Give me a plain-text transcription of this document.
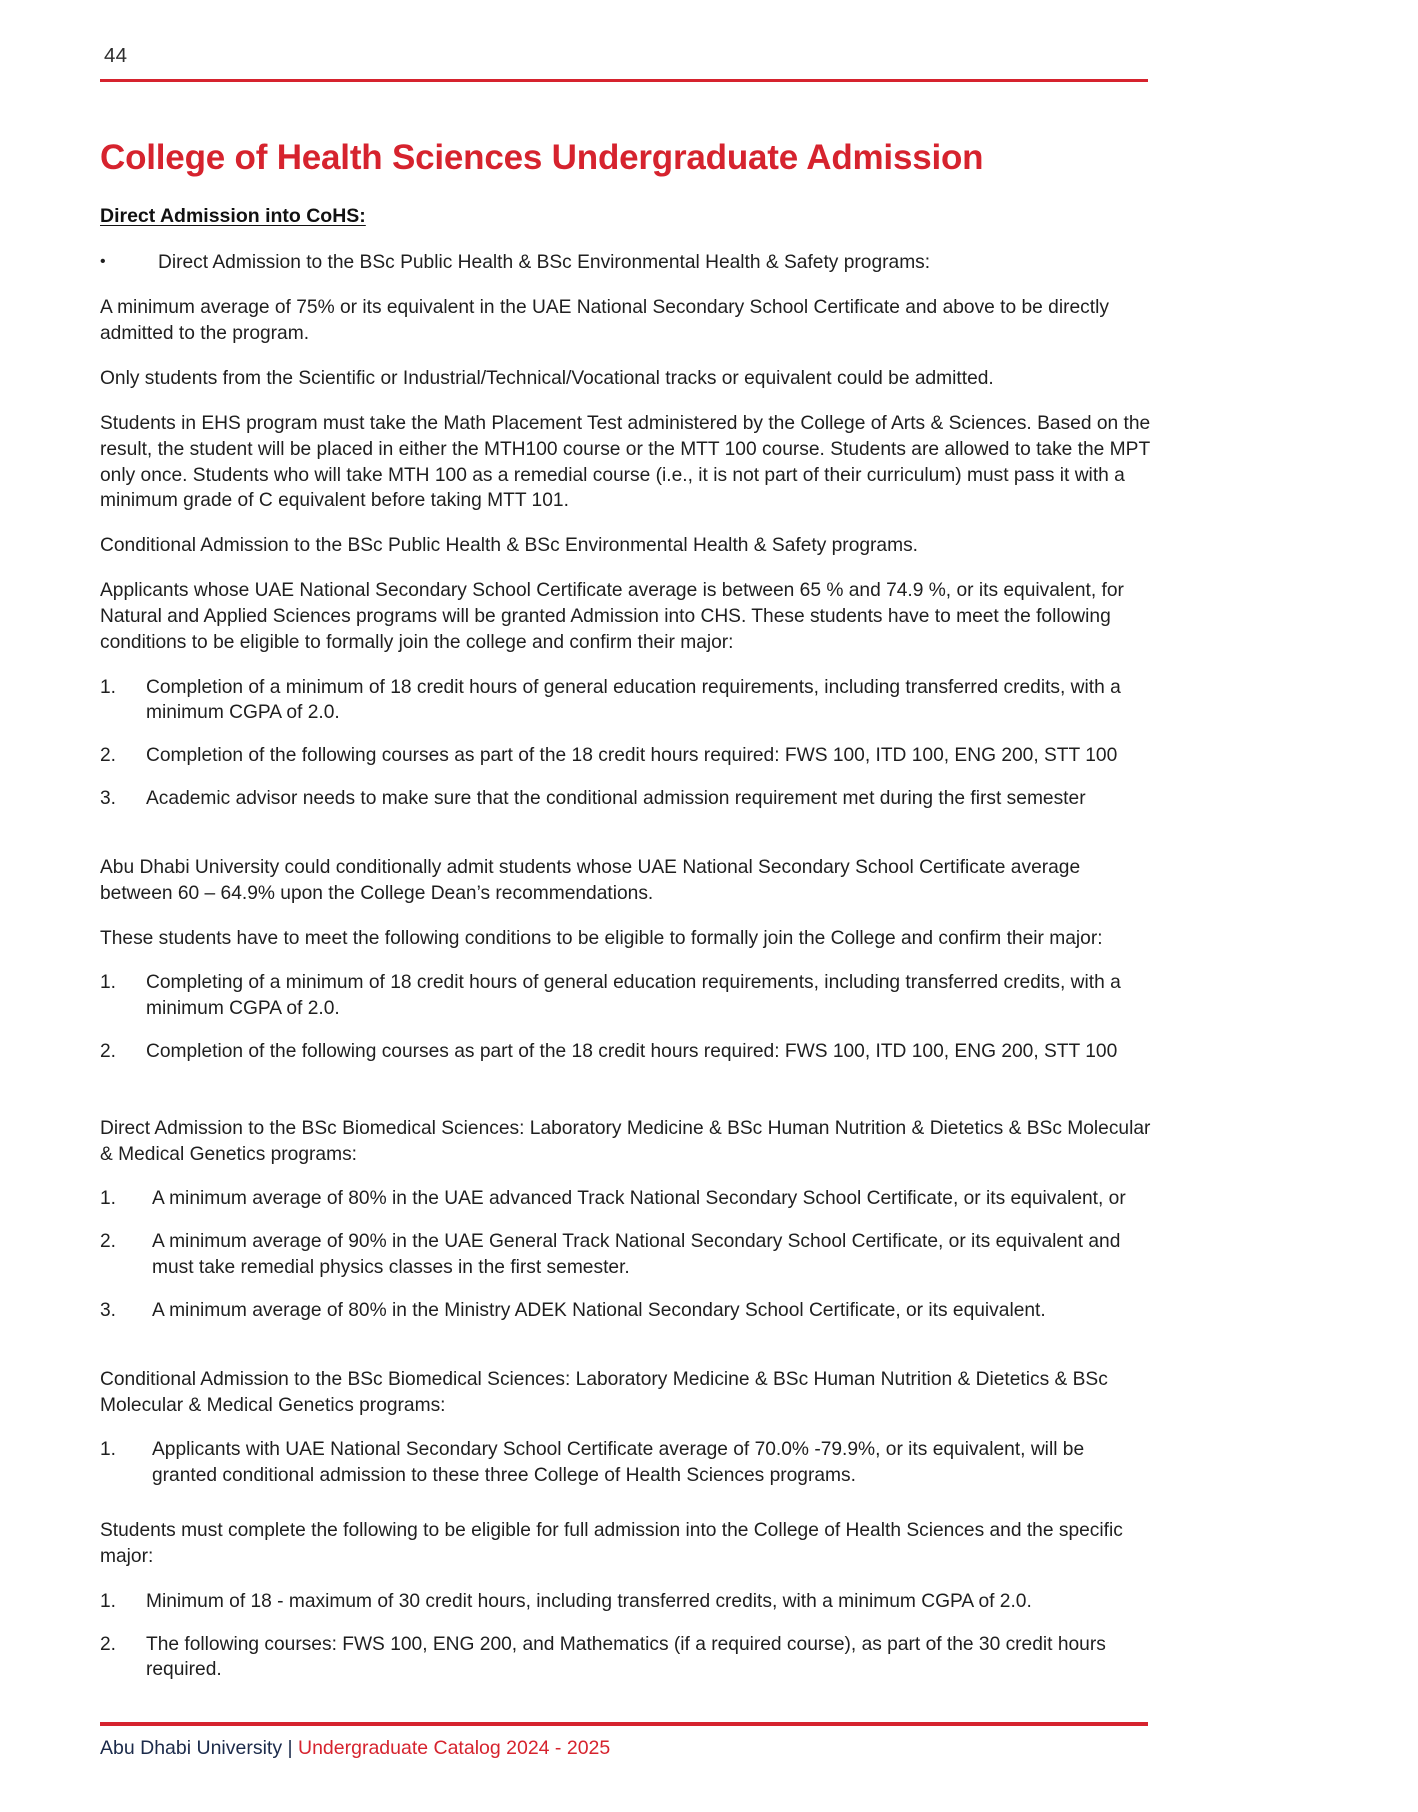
44
College of Health Sciences Undergraduate Admission
Direct Admission into CoHS:
•	Direct Admission to the BSc Public Health & BSc Environmental Health & Safety programs:

A minimum average of 75% or its equivalent in the UAE National Secondary School Certificate and above to be directly admitted to the program.

Only students from the Scientific or Industrial/Technical/Vocational tracks or equivalent could be admitted.

Students in EHS program must take the Math Placement Test administered by the College of Arts & Sciences. Based on the result, the student will be placed in either the MTH100 course or the MTT 100 course. Students are allowed to take the MPT only once. Students who will take MTH 100 as a remedial course (i.e., it is not part of their curriculum) must pass it with a minimum grade of C equivalent before taking MTT 101.

Conditional Admission to the BSc Public Health & BSc Environmental Health & Safety programs.

Applicants whose UAE National Secondary School Certificate average is between 65 % and 74.9 %, or its equivalent, for Natural and Applied Sciences programs will be granted Admission into CHS. These students have to meet the following conditions to be eligible to formally join the college and confirm their major:

1.	Completion of a minimum of 18 credit hours of general education requirements, including transferred credits, with a minimum CGPA of 2.0.
2.	Completion of the following courses as part of the 18 credit hours required: FWS 100, ITD 100, ENG 200, STT 100
3.	Academic advisor needs to make sure that the conditional admission requirement met during the first semester

Abu Dhabi University could conditionally admit students whose UAE National Secondary School Certificate average between 60 – 64.9% upon the College Dean’s recommendations.

These students have to meet the following conditions to be eligible to formally join the College and confirm their major:

1.	Completing of a minimum of 18 credit hours of general education requirements, including transferred credits, with a minimum CGPA of 2.0.
2.	Completion of the following courses as part of the 18 credit hours required: FWS 100, ITD 100, ENG 200, STT 100

Direct Admission to the BSc Biomedical Sciences: Laboratory Medicine & BSc Human Nutrition & Dietetics & BSc Molecular & Medical Genetics programs:

1.	A minimum average of 80% in the UAE advanced Track National Secondary School Certificate, or its equivalent, or
2.	A minimum average of 90% in the UAE General Track National Secondary School Certificate, or its equivalent and must take remedial physics classes in the first semester.
3.	A minimum average of 80% in the Ministry ADEK National Secondary School Certificate, or its equivalent.

Conditional Admission to the BSc Biomedical Sciences: Laboratory Medicine & BSc Human Nutrition & Dietetics & BSc Molecular & Medical Genetics programs:

1.	Applicants with UAE National Secondary School Certificate average of 70.0% -79.9%, or its equivalent, will be granted conditional admission to these three College of Health Sciences programs.

Students must complete the following to be eligible for full admission into the College of Health Sciences and the specific major:

1.	Minimum of 18 - maximum of 30 credit hours, including transferred credits, with a minimum CGPA of 2.0.
2.	The following courses: FWS 100, ENG 200, and Mathematics (if a required course), as part of the 30 credit hours required.
Abu Dhabi University | Undergraduate Catalog 2024 - 2025
